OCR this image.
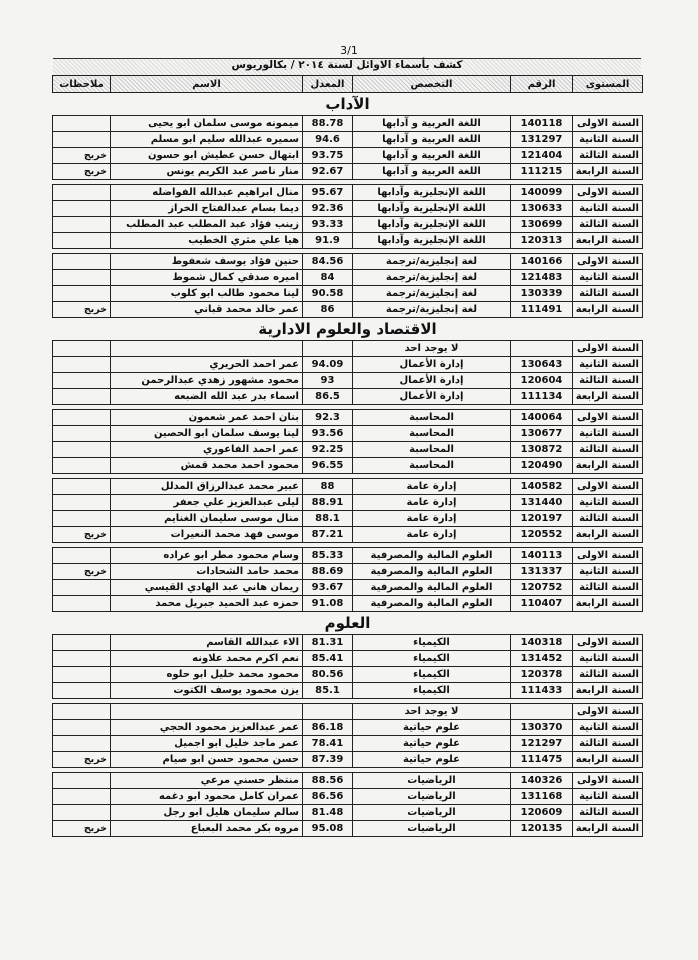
3/1
كشف بأسماء الاوائل لسنة ٢٠١٤ / بكالوريوس
المستوى	الرقم	التخصص	المعدل	الاسم	ملاحظات
الآداب					
السنة الاولى	140118	اللغة العربية و آدابها	88.78	ميمونه موسى سلمان ابو يحيى	
السنة الثانية	131297	اللغة العربية و آدابها	94.6	سميره عبدالله سليم ابو مسلم	
السنة الثالثة	121404	اللغة العربية و آدابها	93.75	ابتهال حسن عطيش ابو حسون	خريج
السنة الرابعة	111215	اللغة العربية و آدابها	92.67	منار ناصر عبد الكريم يونس	خريج

السنة الاولى	140099	اللغة الإنجليزية وآدابها	95.67	منال ابراهيم عبدالله الفواضله	
السنة الثانية	130633	اللغة الإنجليزية وآدابها	92.36	ديما بسام عبدالفتاح الخراز	
السنة الثالثة	130699	اللغة الإنجليزية وآدابها	93.33	زينب فؤاد عبد المطلب عبد المطلب	
السنة الرابعة	120313	اللغة الإنجليزية وآدابها	91.9	هيا علي مثري الخطيب	

السنة الاولى	140166	لغة إنجليزية/ترجمة	84.56	حنين فؤاد يوسف شعفوط	
السنة الثانية	121483	لغة إنجليزية/ترجمة	84	اميره صدقي كمال شموط	
السنة الثالثة	130339	لغة إنجليزية/ترجمة	90.58	لينا محمود طالب ابو كلوب	
السنة الرابعة	111491	لغة إنجليزية/ترجمة	86	عمر خالد محمد قباني	خريج
الاقتصاد والعلوم الادارية					
السنة الاولى		لا يوجد احد			
السنة الثانية	130643	إدارة الأعمال	94.09	عمر احمد الحريري	
السنة الثالثة	120604	إدارة الأعمال	93	محمود مشهور زهدي عبدالرحمن	
السنة الرابعة	111134	إدارة الأعمال	86.5	اسماء بدر عبد الله الضبعه	

السنة الاولى	140064	المحاسبة	92.3	بنان احمد عمر شعمون	
السنة الثانية	130677	المحاسبة	93.56	لينا يوسف سلمان ابو الحصين	
السنة الثالثة	130872	المحاسبة	92.25	عمر احمد الفاعوري	
السنة الرابعة	120490	المحاسبة	96.55	محمود احمد محمد قمش	

السنة الاولى	140582	إدارة عامة	88	عبير محمد عبدالرزاق المدلل	
السنة الثانية	131440	إدارة عامة	88.91	ليلى عبدالعزيز علي جعفر	
السنة الثالثة	120197	إدارة عامة	88.1	منال موسى سليمان الغنايم	
السنة الرابعة	120552	إدارة عامة	87.21	موسى فهد محمد النعيرات	خريج

السنة الاولى	140113	العلوم المالية والمصرفية	85.33	وسام محمود مطر ابو عراده	
السنة الثانية	131337	العلوم المالية والمصرفية	88.69	محمد حامد الشحادات	خريج
السنة الثالثة	120752	العلوم المالية والمصرفية	93.67	ريمان هاني عبد الهادي القيسي	
السنة الرابعة	110407	العلوم المالية والمصرفية	91.08	حمزه عبد الحميد جبريل محمد	
العلوم					
السنة الاولى	140318	الكيمياء	81.31	الاء عبدالله القاسم	
السنة الثانية	131452	الكيمياء	85.41	نعم اكرم محمد علاونه	
السنة الثالثة	120378	الكيمياء	80.56	محمود محمد خليل ابو حلوه	
السنة الرابعة	111433	الكيمياء	85.1	يزن محمود يوسف الكتوت	

السنة الاولى		لا يوجد احد			
السنة الثانية	130370	علوم حياتية	86.18	عمر عبدالعزيز محمود الحجي	
السنة الثالثة	121297	علوم حياتية	78.41	عمر ماجد خليل ابو اجميل	
السنة الرابعة	111475	علوم حياتية	87.39	حسن محمود حسن ابو صيام	خريج

السنة الاولى	140326	الرياضيات	88.56	منتظر حسني مرعي	
السنة الثانية	131168	الرياضيات	86.56	عمران كامل محمود ابو دغمه	
السنة الثالثة	120609	الرياضيات	81.48	سالم سليمان هليل ابو رجل	
السنة الرابعة	120135	الرياضيات	95.08	مروه بكر محمد البعباع	خريج
